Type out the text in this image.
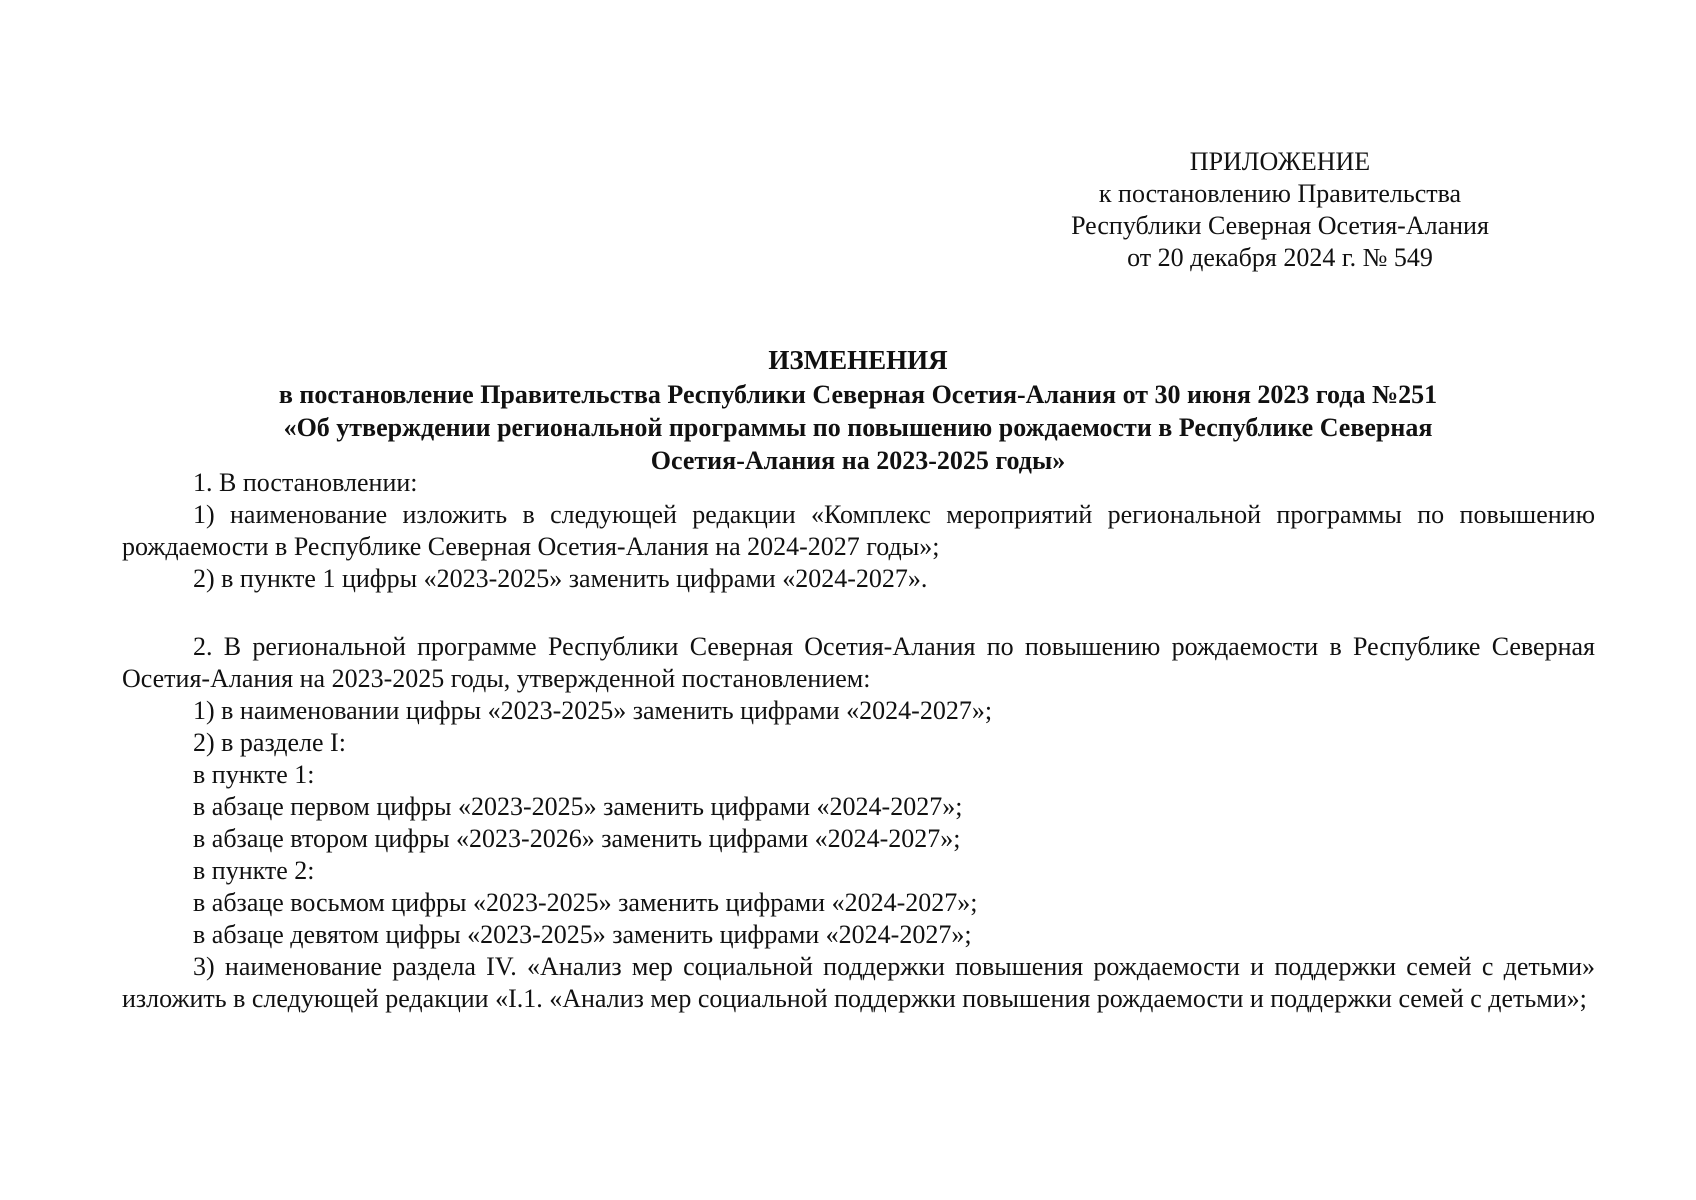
ПРИЛОЖЕНИЕ
к постановлению Правительства
Республики Северная Осетия-Алания
от 20 декабря 2024 г. № 549
ИЗМЕНЕНИЯ
в постановление Правительства Республики Северная Осетия-Алания от 30 июня 2023 года №251
«Об утверждении региональной программы по повышению рождаемости в Республике Северная
Осетия-Алания на 2023-2025 годы»

1. В постановлении:

1) наименование изложить в следующей редакции «Комплекс мероприятий региональной программы по повышению рождаемости в Республике Северная Осетия-Алания на 2024-2027 годы»;

2) в пункте 1 цифры «2023-2025» заменить цифрами «2024-2027».

2. В региональной программе Республики Северная Осетия-Алания по повышению рождаемости в Республике Северная Осетия-Алания на 2023-2025 годы, утвержденной постановлением:

1) в наименовании цифры «2023-2025» заменить цифрами «2024-2027»;

2) в разделе I:

в пункте 1:

в абзаце первом цифры «2023-2025» заменить цифрами «2024-2027»;

в абзаце втором цифры «2023-2026» заменить цифрами «2024-2027»;

в пункте 2:

в абзаце восьмом цифры «2023-2025» заменить цифрами «2024-2027»;

в абзаце девятом цифры «2023-2025» заменить цифрами «2024-2027»;

3) наименование раздела IV. «Анализ мер социальной поддержки повышения рождаемости и поддержки семей с детьми» изложить в следующей редакции «I.1. «Анализ мер социальной поддержки повышения рождаемости и поддержки семей с детьми»;
